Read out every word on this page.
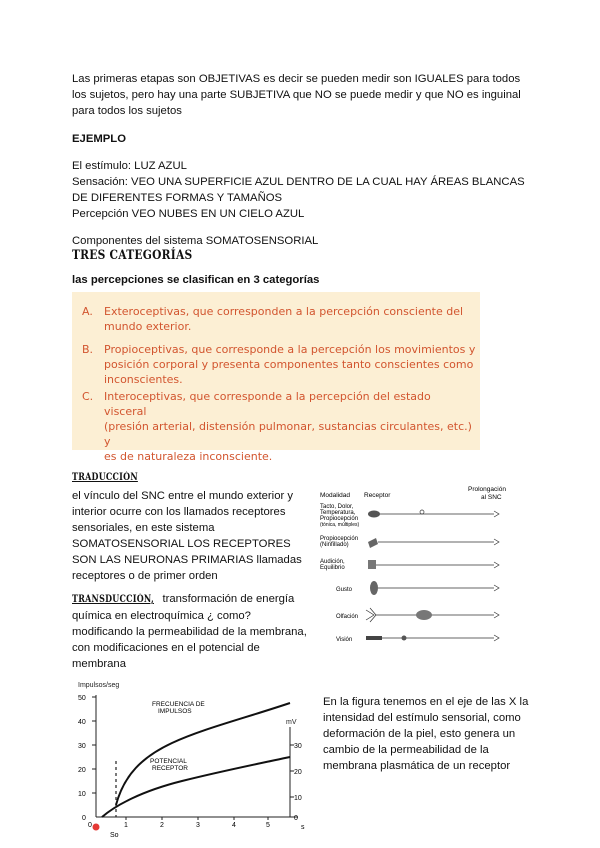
Las primeras etapas son OBJETIVAS es decir se pueden medir son IGUALES para todos
los sujetos, pero hay una parte SUBJETIVA que NO se puede medir y que NO es inguinal
para todos los sujetos
EJEMPLO
El estímulo: LUZ AZUL
Sensación: VEO UNA SUPERFICIE AZUL DENTRO DE LA CUAL HAY ÁREAS BLANCAS
DE DIFERENTES FORMAS Y TAMAÑOS
Percepción VEO NUBES EN UN CIELO AZUL
Componentes del sistema SOMATOSENSORIAL
TRES CATEGORÍAS
las percepciones se clasifican en 3 categorías
A. Exteroceptivas, que corresponden a la percepción consciente del
mundo exterior.
B. Propioceptivas, que corresponde a la percepción los movimientos y
posición corporal y presenta componentes tanto conscientes como
inconscientes.
C. Interoceptivas, que corresponde a la percepción del estado visceral
(presión arterial, distensión pulmonar, sustancias circulantes, etc.) y
es de naturaleza inconsciente.
TRADUCCIÓN
el vínculo del SNC entre el mundo exterior y
interior ocurre con los llamados receptores
sensoriales, en este sistema
SOMATOSENSORIAL LOS RECEPTORES
SON LAS NEURONAS PRIMARIAS llamadas
receptores o de primer orden
TRANSDUCCIÓN, transformación de energía
química en electroquímica ¿ como?
modificando la permeabilidad de la membrana,
con modificaciones en el potencial de
membrana
Modalidad Receptor
Prolongación
al SNC
Tacto, Dolor,
Temperatura,
Propiocepción
(tónica, múltiples)
Propiocepción
(Ninfillado)
Audición,
Equilibrio
Gusto
Olfación
Visión
Impulsos/seg
mV
0
10
20
30
40
50
0
10
20
30
0	1	2	3	4	5	s
FRECUENCIA DE
IMPULSOS
POTENCIAL
RECEPTOR
So
En la figura tenemos en el eje de las X la
intensidad del estímulo sensorial, como
deformación de la piel, esto genera un
cambio de la permeabilidad de la
membrana plasmática de un receptor
